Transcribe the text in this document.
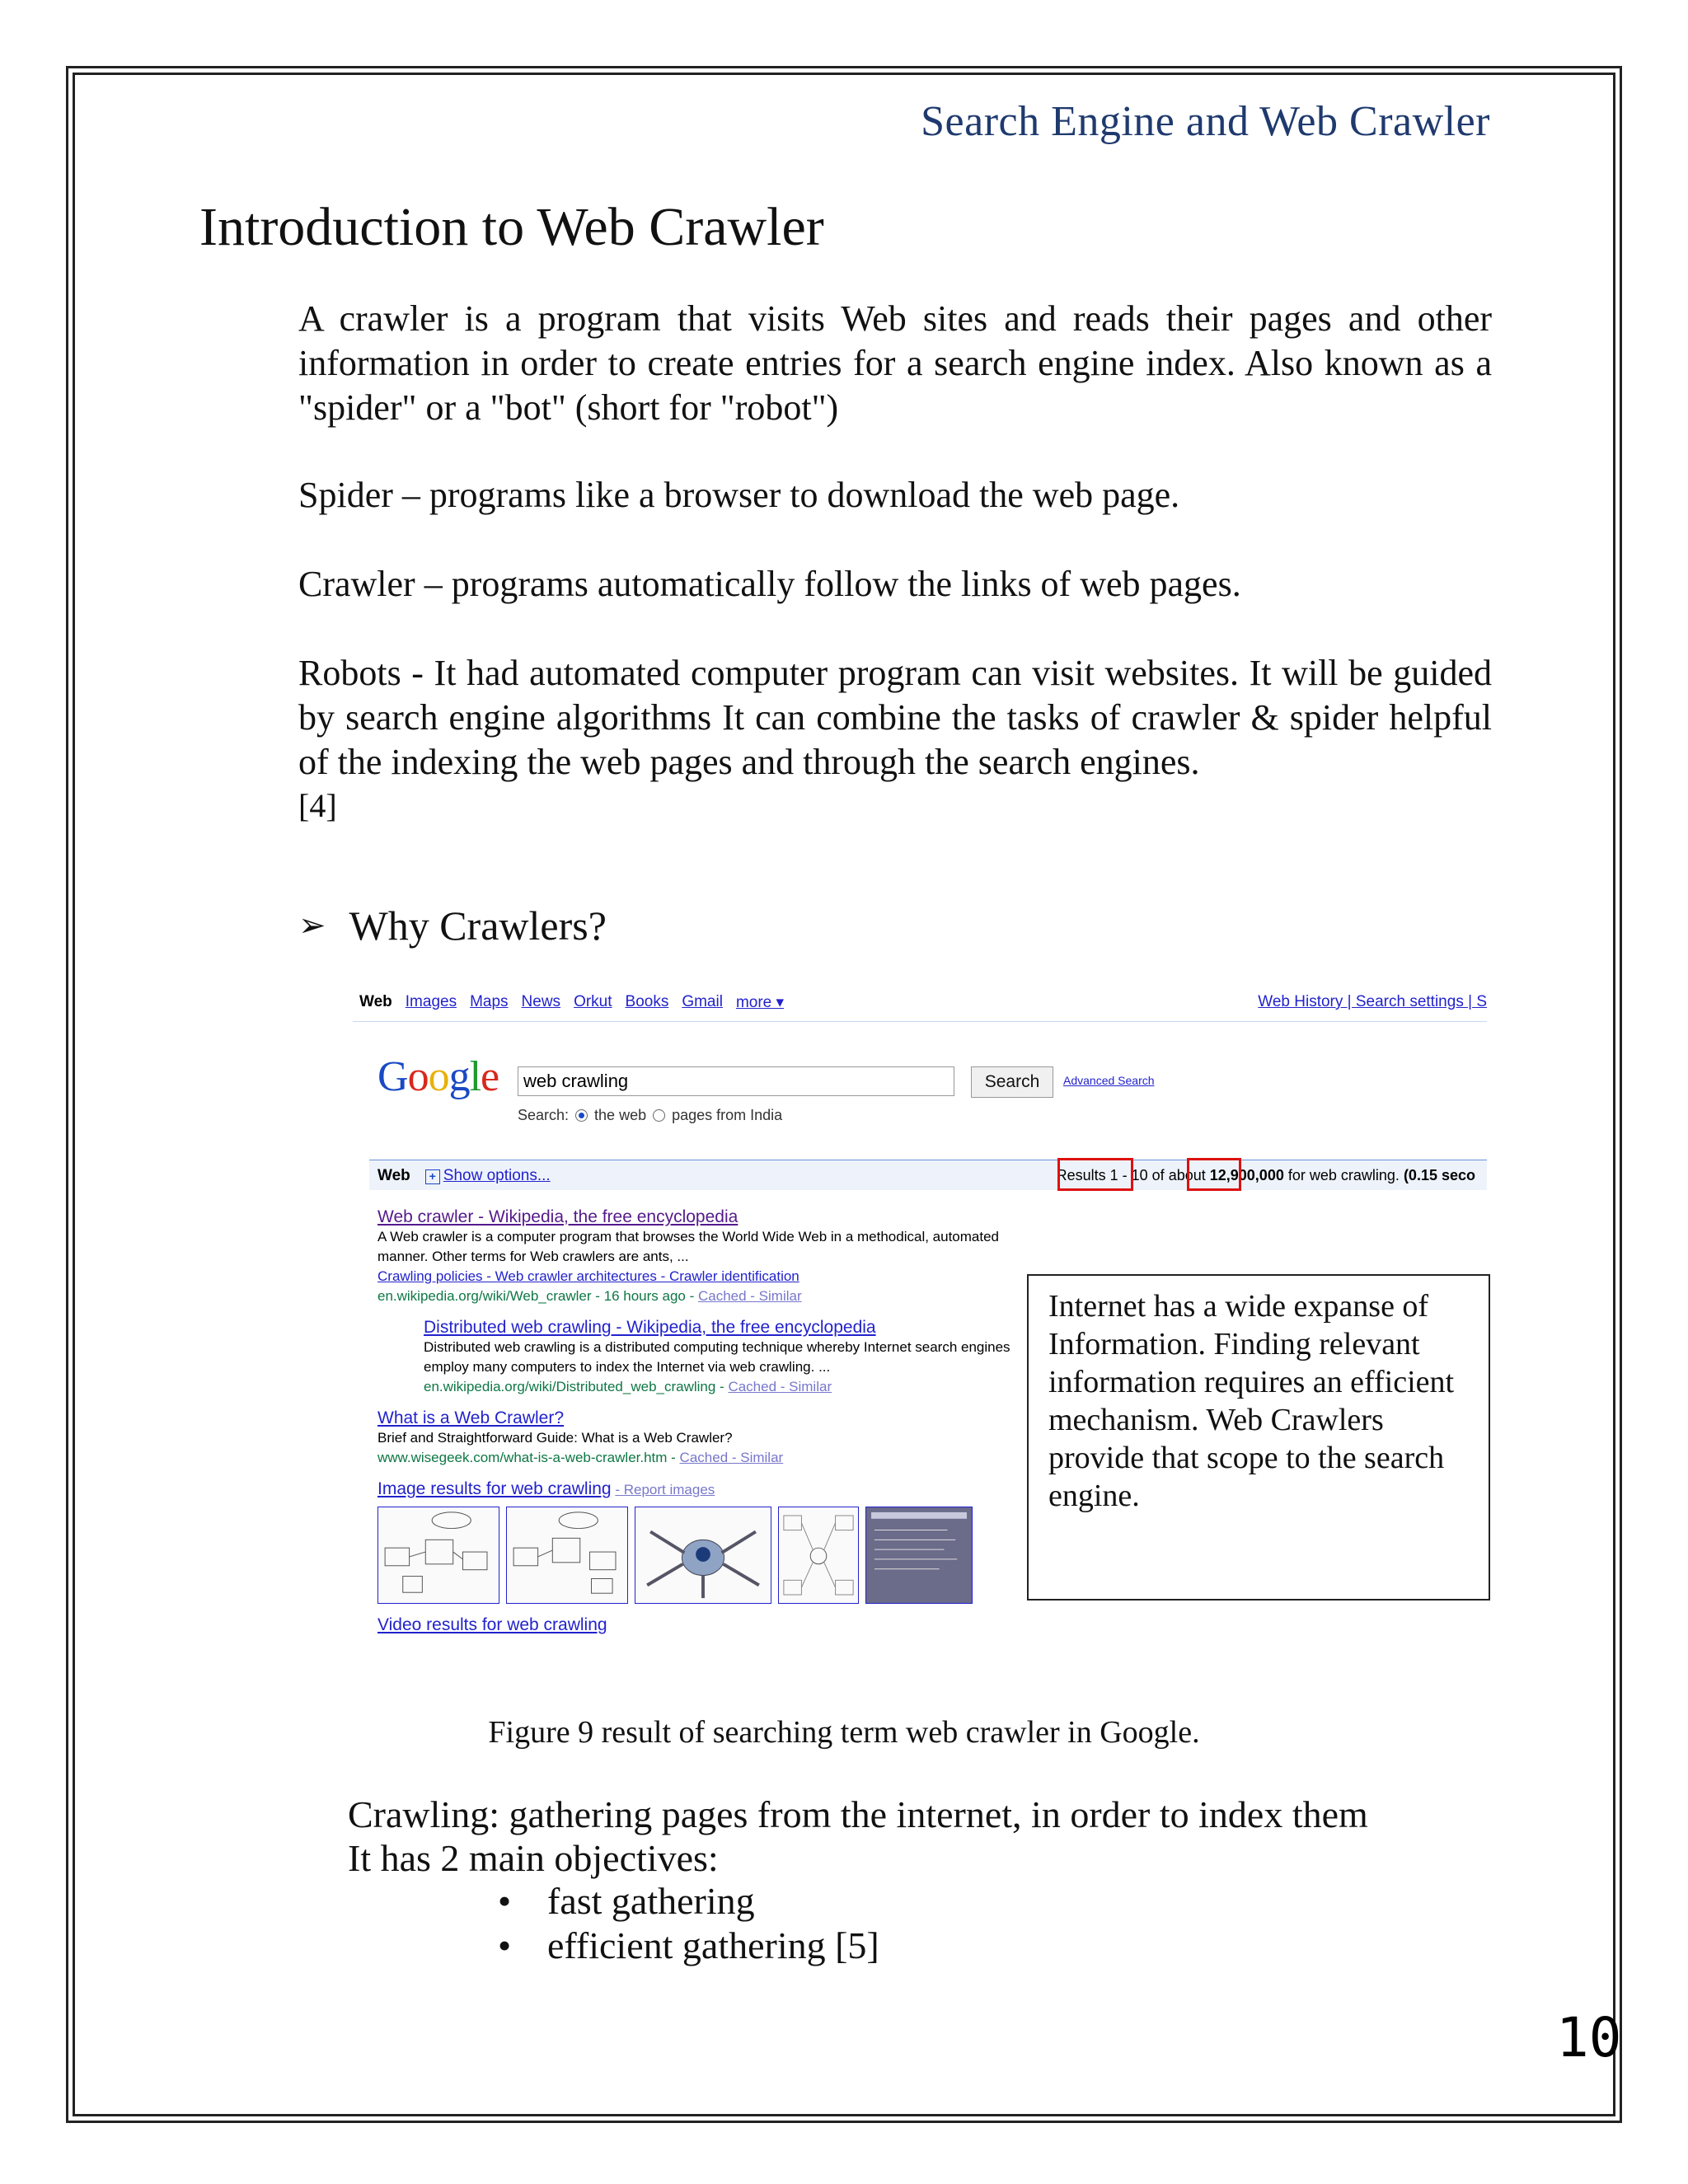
Search Engine and Web Crawler
Introduction to Web Crawler
A crawler is a program that visits Web sites and reads their pages and other information in order to create entries for a search engine index. Also known as a "spider" or a "bot" (short for "robot")
Spider – programs like a browser to download the web page.
Crawler – programs automatically follow the links of web pages.
Robots - It had automated computer program can visit websites. It will be guided by search engine algorithms It can combine the tasks of crawler & spider helpful of the indexing the web pages and through the search engines.
[4]
➢ Why Crawlers?
Web Images Maps News Orkut Books Gmail more ▾	Web History | Search settings | S
Google	web crawling	Search	Advanced Search
Search: the web pages from India
Web + Show options...	Results 1 - 10 of about 12,900,000 for web crawling. (0.15 seco
Web crawler - Wikipedia, the free encyclopedia
A Web crawler is a computer program that browses the World Wide Web in a methodical, automated manner. Other terms for Web crawlers are ants, ...
Crawling policies - Web crawler architectures - Crawler identification
en.wikipedia.org/wiki/Web_crawler - 16 hours ago - Cached - Similar
Distributed web crawling - Wikipedia, the free encyclopedia
Distributed web crawling is a distributed computing technique whereby Internet search engines employ many computers to index the Internet via web crawling. ...
en.wikipedia.org/wiki/Distributed_web_crawling - Cached - Similar
What is a Web Crawler?
Brief and Straightforward Guide: What is a Web Crawler?
www.wisegeek.com/what-is-a-web-crawler.htm - Cached - Similar
Image results for web crawling - Report images
Video results for web crawling
Internet has a wide expanse of Information. Finding relevant information requires an efficient mechanism. Web Crawlers provide that scope to the search engine.
Figure 9 result of searching term web crawler in Google.
Crawling: gathering pages from the internet, in order to index them
It has 2 main objectives:
• fast gathering
• efficient gathering [5]
10
